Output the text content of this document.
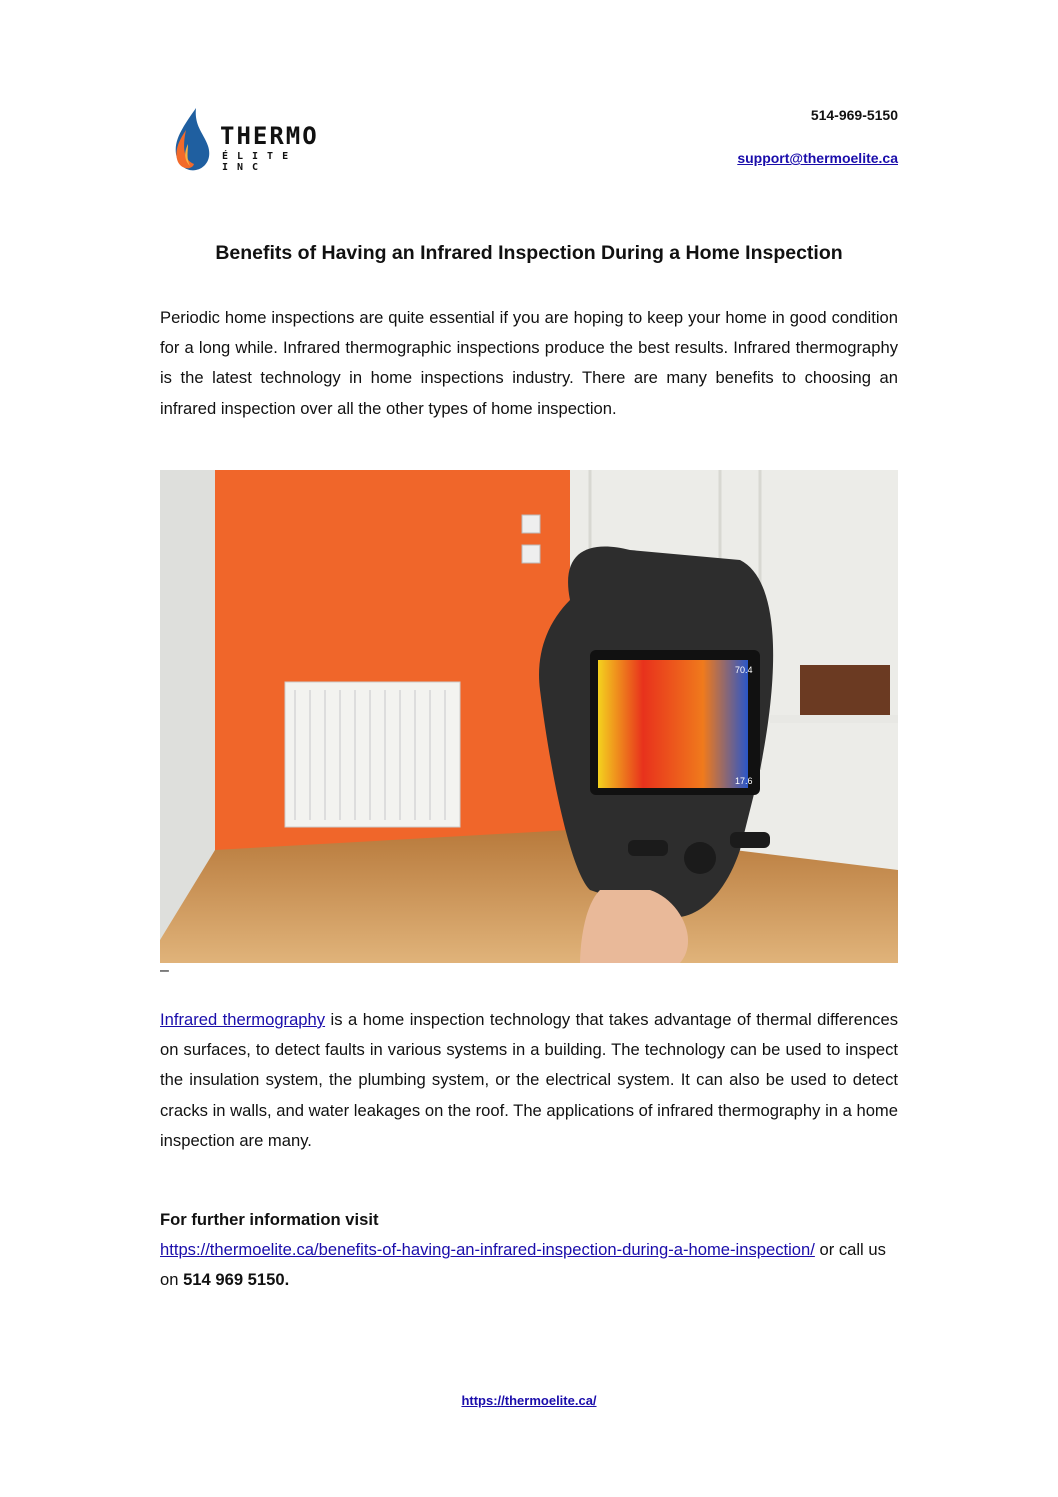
THERMO
ÉLITE INC
514-969-5150
support@thermoelite.ca
Benefits of Having an Infrared Inspection During a Home Inspection

Periodic home inspections are quite essential if you are hoping to keep your home in good condition for a long while. Infrared thermographic inspections produce the best results. Infrared thermography is the latest technology in home inspections industry. There are many benefits to choosing an infrared inspection over all the other types of home inspection.

70.4
17.6
–

Infrared thermography is a home inspection technology that takes advantage of thermal differences on surfaces, to detect faults in various systems in a building. The technology can be used to inspect the insulation system, the plumbing system, or the electrical system. It can also be used to detect cracks in walls, and water leakages on the roof. The applications of infrared thermography in a home inspection are many.

For further information visit
https://thermoelite.ca/benefits-of-having-an-infrared-inspection-during-a-home-inspection/ or call us on 514 969 5150.
https://thermoelite.ca/
